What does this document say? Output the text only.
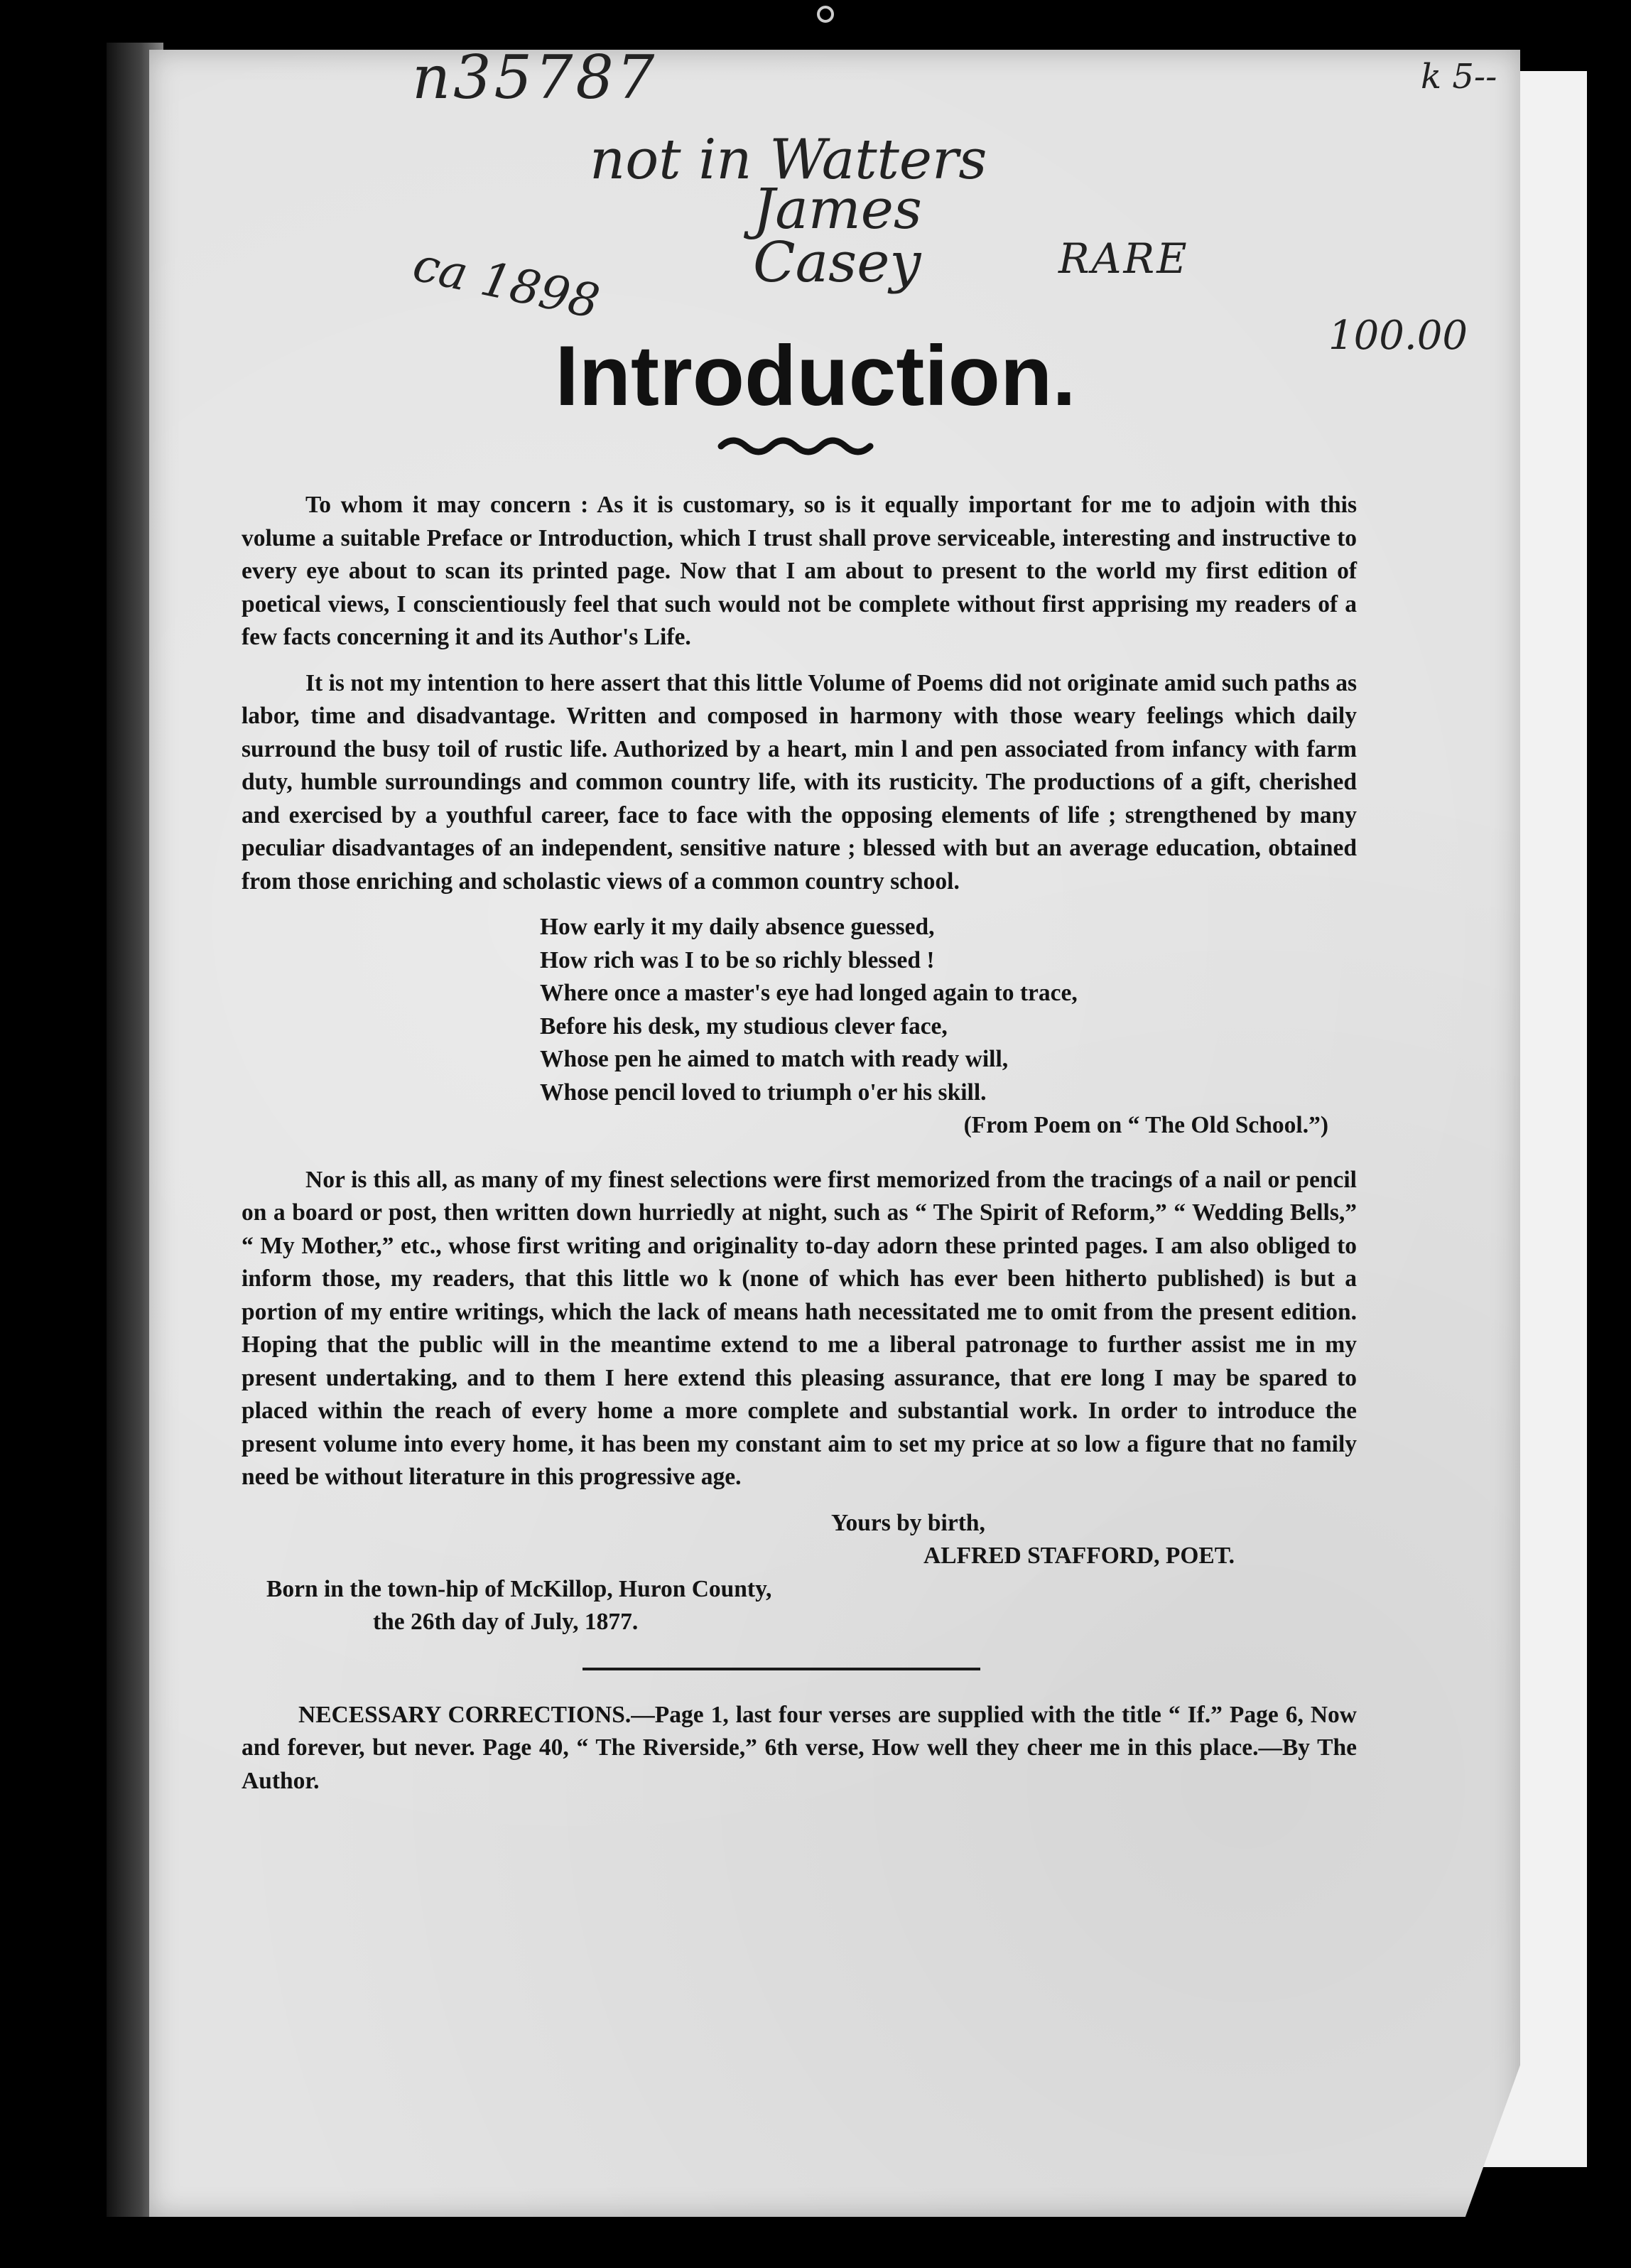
n35787
not in Watters
James
Casey
ca 1898	RARE
100.00
k 5--
Introduction.

To whom it may concern : As it is customary, so is it equally important for me to adjoin with this volume a suitable Preface or Introduction, which I trust shall prove serviceable, interesting and instructive to every eye about to scan its printed page. Now that I am about to present to the world my first edition of poetical views, I conscientiously feel that such would not be complete without first apprising my readers of a few facts concerning it and its Author's Life.

It is not my intention to here assert that this little Volume of Poems did not originate amid such paths as labor, time and disadvantage. Written and composed in harmony with those weary feelings which daily surround the busy toil of rustic life. Authorized by a heart, min l and pen associated from infancy with farm duty, humble surroundings and common country life, with its rusticity. The productions of a gift, cherished and exercised by a youthful career, face to face with the opposing elements of life ; strengthened by many peculiar disadvantages of an independent, sensitive nature ; blessed with but an average education, obtained from those enriching and scholastic views of a common country school.

How early it my daily absence guessed,
How rich was I to be so richly blessed !
Where once a master's eye had longed again to trace,
Before his desk, my studious clever face,
Whose pen he aimed to match with ready will,
Whose pencil loved to triumph o'er his skill.
(From Poem on “ The Old School.”)

Nor is this all, as many of my finest selections were first memorized from the tracings of a nail or pencil on a board or post, then written down hurriedly at night, such as “ The Spirit of Reform,” “ Wedding Bells,” “ My Mother,” etc., whose first writing and originality to-day adorn these printed pages. I am also obliged to inform those, my readers, that this little wo k (none of which has ever been hitherto published) is but a portion of my entire writings, which the lack of means hath necessitated me to omit from the present edition. Hoping that the public will in the meantime extend to me a liberal patronage to further assist me in my present undertaking, and to them I here extend this pleasing assurance, that ere long I may be spared to placed within the reach of every home a more complete and substantial work. In order to introduce the present volume into every home, it has been my constant aim to set my price at so low a figure that no family need be without literature in this progressive age.

Yours by birth,
ALFRED STAFFORD, POET.
Born in the town-hip of McKillop, Huron County,
the 26th day of July, 1877.

NECESSARY CORRECTIONS.—Page 1, last four verses are supplied with the title “ If.” Page 6, Now and forever, but never. Page 40, “ The Riverside,” 6th verse, How well they cheer me in this place.—By The Author.
